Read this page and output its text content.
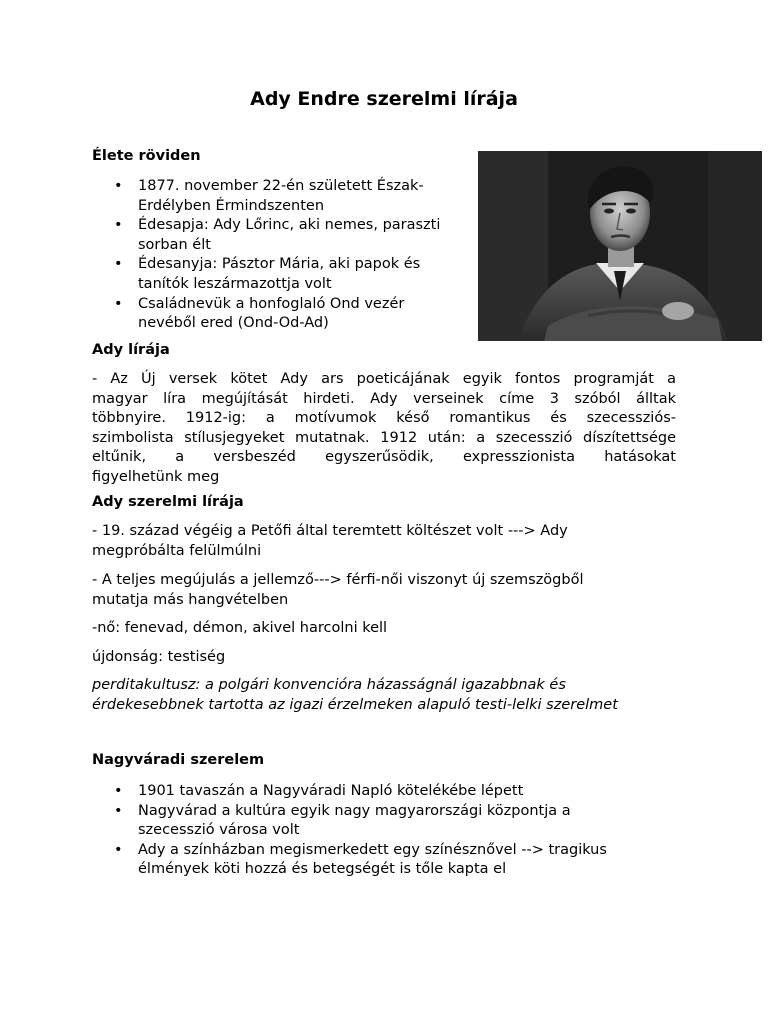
Ady Endre szerelmi lírája
Élete röviden
• 1877. november 22-én született Észak-
Erdélyben Érmindszenten
• Édesapja: Ady Lőrinc, aki nemes, paraszti
sorban élt
• Édesanyja: Pásztor Mária, aki papok és
tanítók leszármazottja volt
• Családnevük a honfoglaló Ond vezér
nevéből ered (Ond-Od-Ad)
Ady lírája
- Az Új versek kötet Ady ars poeticájának egyik fontos programját a
magyar líra megújítását hirdeti. Ady verseinek címe 3 szóból álltak
többnyire. 1912-ig: a motívumok késő romantikus és szecessziós-
szimbolista stílusjegyeket mutatnak. 1912 után: a szecesszió díszítettsége
eltűnik, a versbeszéd egyszerűsödik, expresszionista hatásokat
figyelhetünk meg
Ady szerelmi lírája
- 19. század végéig a Petőfi által teremtett költészet volt ---> Ady
megpróbálta felülmúlni
- A teljes megújulás a jellemző---> férfi-női viszonyt új szemszögből
mutatja más hangvételben
-nő: fenevad, démon, akivel harcolni kell
újdonság: testiség
perditakultusz: a polgári konvencióra házasságnál igazabbnak és
érdekesebbnek tartotta az igazi érzelmeken alapuló testi-lelki szerelmet
Nagyváradi szerelem
• 1901 tavaszán a Nagyváradi Napló kötelékébe lépett
• Nagyvárad a kultúra egyik nagy magyarországi központja a
szecesszió városa volt
• Ady a színházban megismerkedett egy színésznővel --> tragikus
élmények köti hozzá és betegségét is tőle kapta el
